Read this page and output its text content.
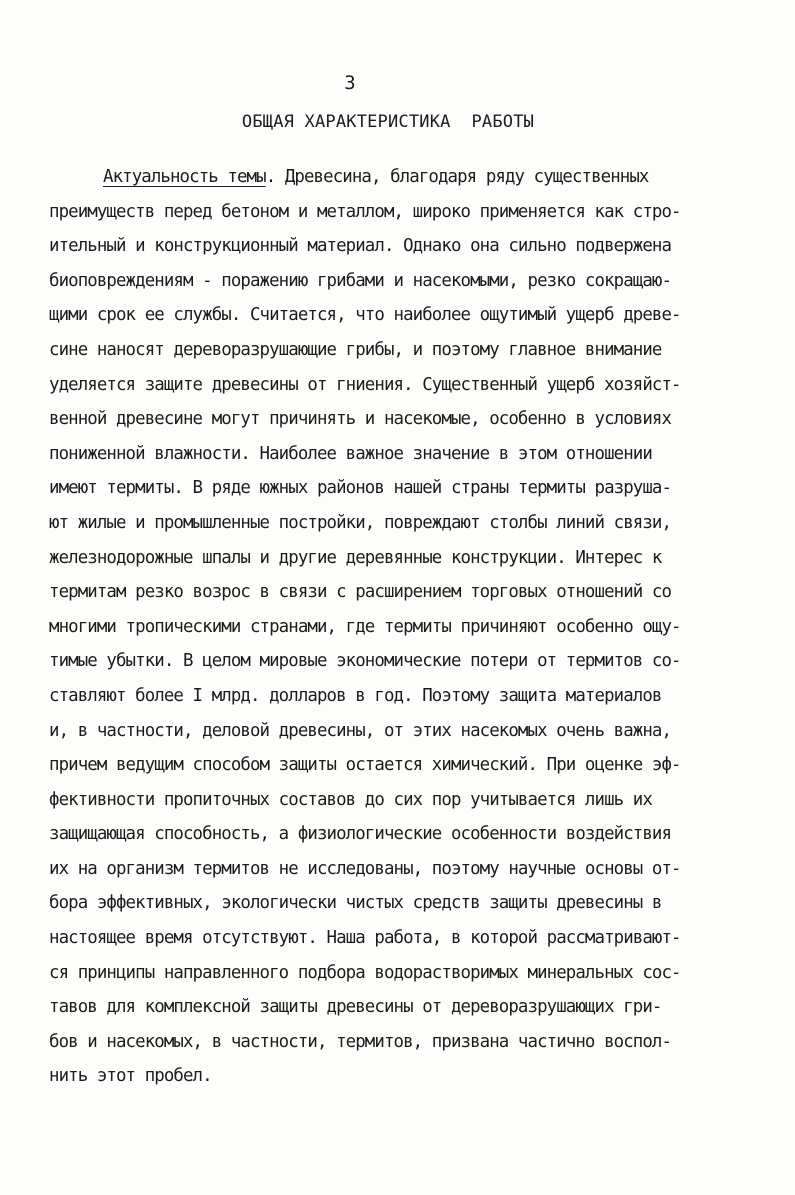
3
ОБЩАЯ ХАРАКТЕРИСТИКА  РАБОТЫ
Актуальность темы. Древесина, благодаря ряду существенных
преимуществ перед бетоном и металлом, широко применяется как стро-
ительный и конструкционный материал. Однако она сильно подвержена
биоповреждениям - поражению грибами и насекомыми, резко сокращаю-
щими срок ее службы. Считается, что наиболее ощутимый ущерб древе-
сине наносят дереворазрушающие грибы, и поэтому главное внимание
уделяется защите древесины от гниения. Существенный ущерб хозяйст-
венной древесине могут причинять и насекомые, особенно в условиях
пониженной влажности. Наиболее важное значение в этом отношении
имеют термиты. В ряде южных районов нашей страны термиты разруша-
ют жилые и промышленные постройки, повреждают столбы линий связи,
железнодорожные шпалы и другие деревянные конструкции. Интерес к
термитам резко возрос в связи с расширением торговых отношений со
многими тропическими странами, где термиты причиняют особенно ощу-
тимые убытки. В целом мировые экономические потери от термитов со-
ставляют более I млрд. долларов в год. Поэтому защита материалов
и, в частности, деловой древесины, от этих насекомых очень важна,
причем ведущим способом защиты остается химический. При оценке эф-
фективности пропиточных составов до сих пор учитывается лишь их
защищающая способность, а физиологические особенности воздействия
их на организм термитов не исследованы, поэтому научные основы от-
бора эффективных, экологически чистых средств защиты древесины в
настоящее время отсутствуют. Наша работа, в которой рассматривают-
ся принципы направленного подбора водорастворимых минеральных сос-
тавов для комплексной защиты древесины от дереворазрушающих гри-
бов и насекомых, в частности, термитов, призвана частично воспол-
нить этот пробел.
